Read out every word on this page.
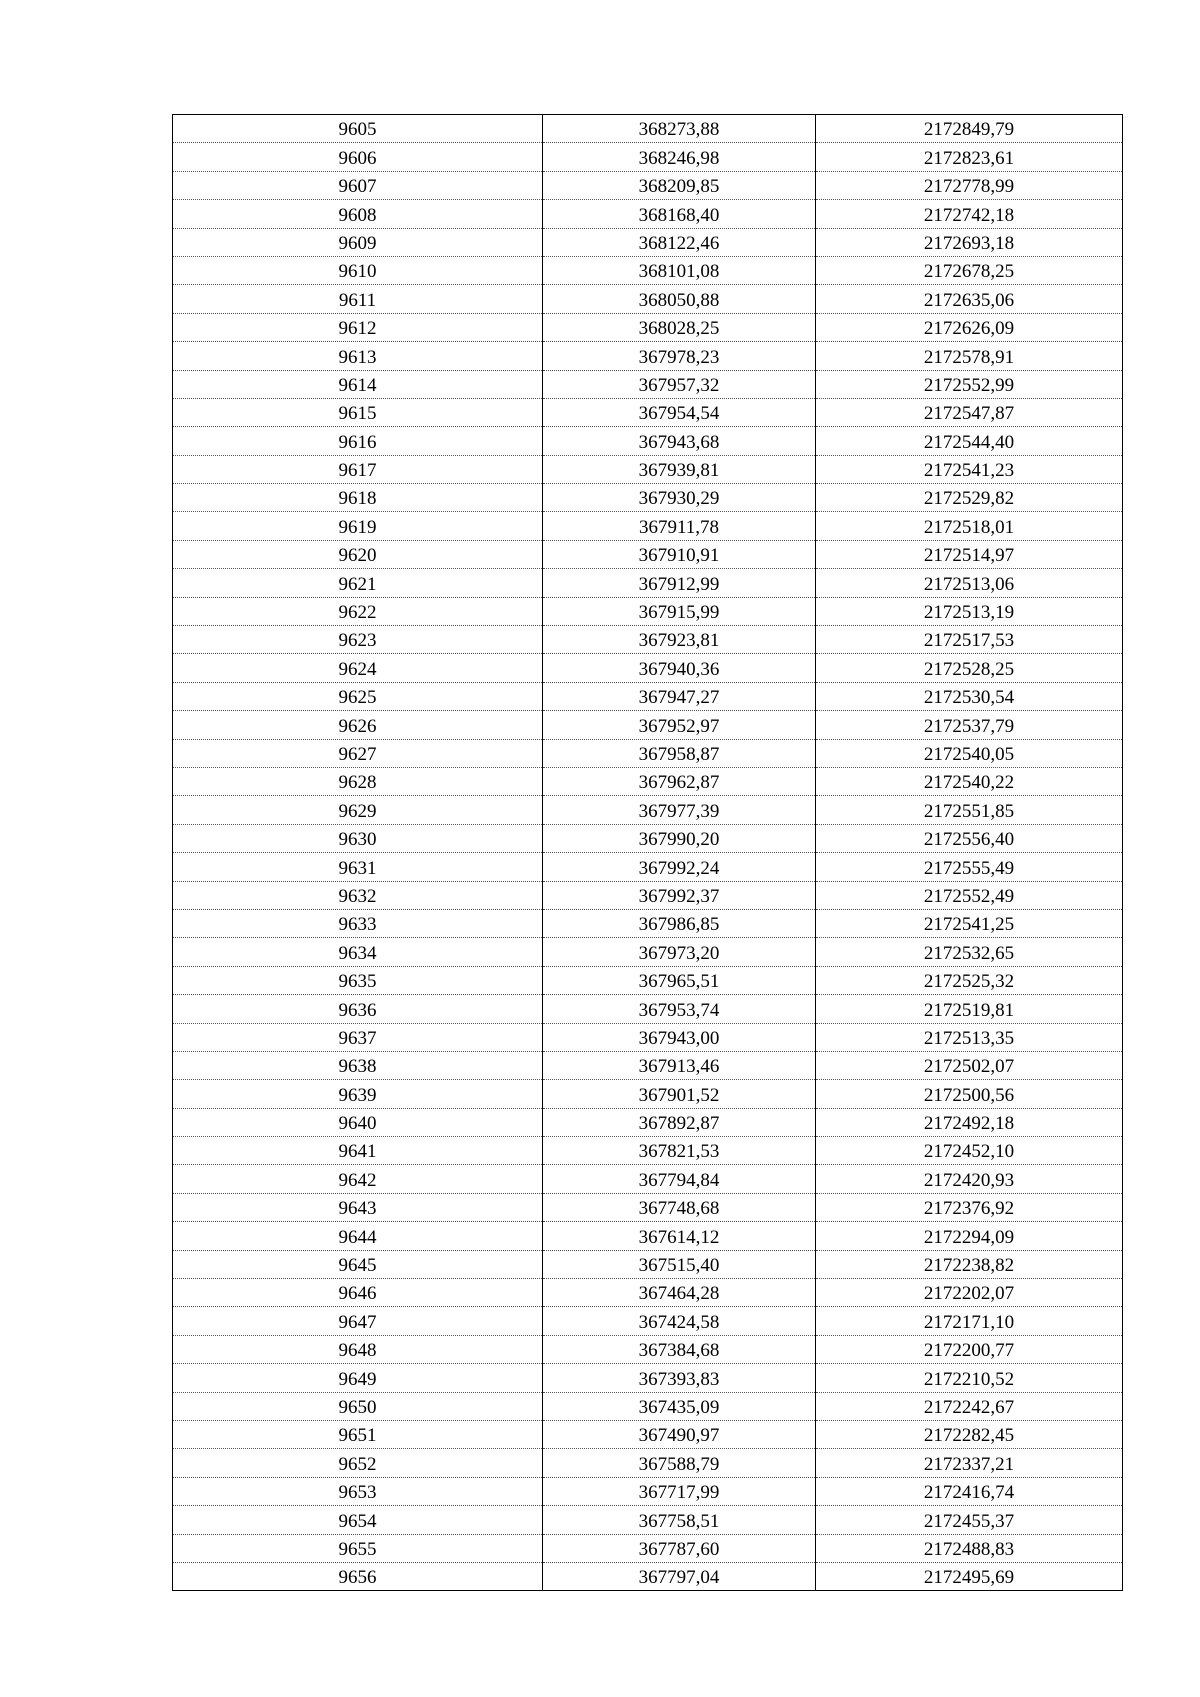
9605	368273,88	2172849,79
9606	368246,98	2172823,61
9607	368209,85	2172778,99
9608	368168,40	2172742,18
9609	368122,46	2172693,18
9610	368101,08	2172678,25
9611	368050,88	2172635,06
9612	368028,25	2172626,09
9613	367978,23	2172578,91
9614	367957,32	2172552,99
9615	367954,54	2172547,87
9616	367943,68	2172544,40
9617	367939,81	2172541,23
9618	367930,29	2172529,82
9619	367911,78	2172518,01
9620	367910,91	2172514,97
9621	367912,99	2172513,06
9622	367915,99	2172513,19
9623	367923,81	2172517,53
9624	367940,36	2172528,25
9625	367947,27	2172530,54
9626	367952,97	2172537,79
9627	367958,87	2172540,05
9628	367962,87	2172540,22
9629	367977,39	2172551,85
9630	367990,20	2172556,40
9631	367992,24	2172555,49
9632	367992,37	2172552,49
9633	367986,85	2172541,25
9634	367973,20	2172532,65
9635	367965,51	2172525,32
9636	367953,74	2172519,81
9637	367943,00	2172513,35
9638	367913,46	2172502,07
9639	367901,52	2172500,56
9640	367892,87	2172492,18
9641	367821,53	2172452,10
9642	367794,84	2172420,93
9643	367748,68	2172376,92
9644	367614,12	2172294,09
9645	367515,40	2172238,82
9646	367464,28	2172202,07
9647	367424,58	2172171,10
9648	367384,68	2172200,77
9649	367393,83	2172210,52
9650	367435,09	2172242,67
9651	367490,97	2172282,45
9652	367588,79	2172337,21
9653	367717,99	2172416,74
9654	367758,51	2172455,37
9655	367787,60	2172488,83
9656	367797,04	2172495,69
